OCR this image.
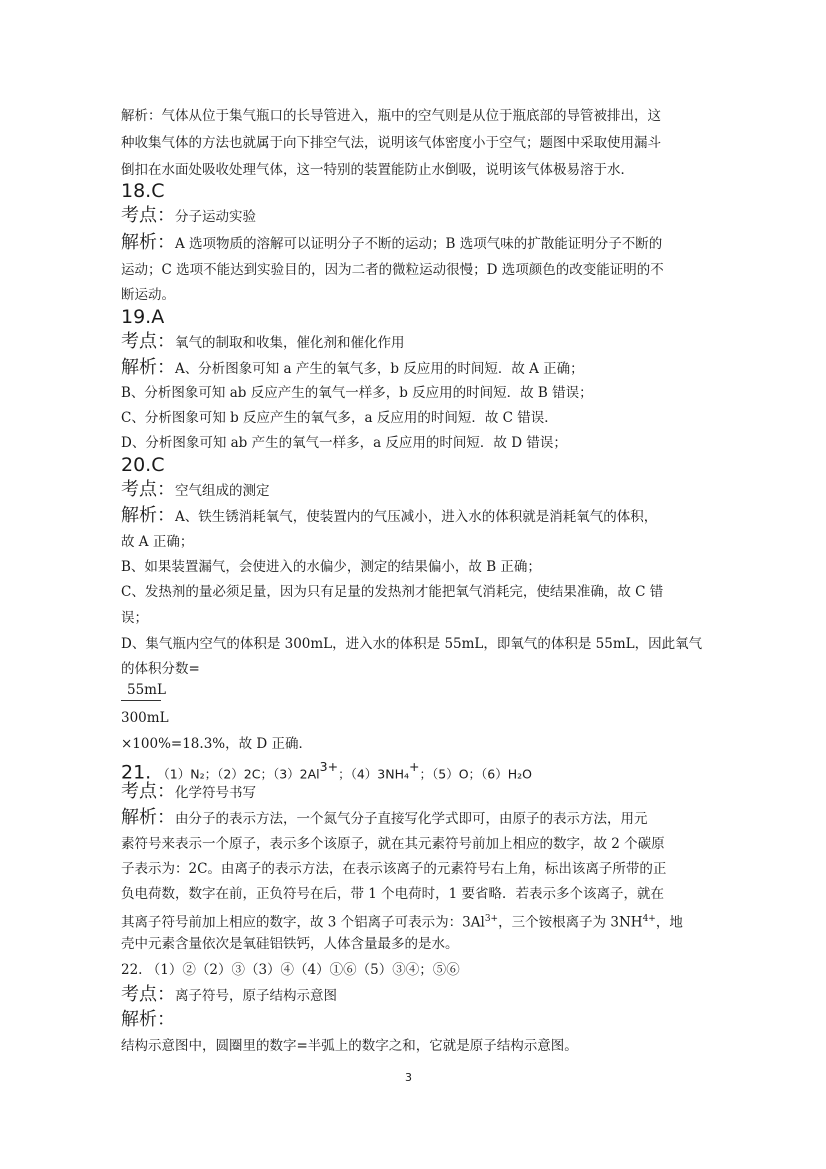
解析：气体从位于集气瓶口的长导管进入，瓶中的空气则是从位于瓶底部的导管被排出，这
种收集气体的方法也就属于向下排空气法，说明该气体密度小于空气；题图中采取使用漏斗
倒扣在水面处吸收处理气体，这一特别的装置能防止水倒吸，说明该气体极易溶于水．
18.C
考点：分子运动实验
解析：A 选项物质的溶解可以证明分子不断的运动；B 选项气味的扩散能证明分子不断的
运动；C 选项不能达到实验目的，因为二者的微粒运动很慢；D 选项颜色的改变能证明的不
断运动。
19.A
考点：氧气的制取和收集，催化剂和催化作用
解析：A、分析图象可知 a 产生的氧气多，b 反应用的时间短．故 A 正确；
B、分析图象可知 ab 反应产生的氧气一样多，b 反应用的时间短．故 B 错误；
C、分析图象可知 b 反应产生的氧气多，a 反应用的时间短．故 C 错误．
D、分析图象可知 ab 产生的氧气一样多，a 反应用的时间短．故 D 错误；
20.C
考点：空气组成的测定
解析：A、铁生锈消耗氧气，使装置内的气压减小，进入水的体积就是消耗氧气的体积，
故 A 正确；
B、如果装置漏气，会使进入的水偏少，测定的结果偏小，故 B 正确；
C、发热剂的量必须足量，因为只有足量的发热剂才能把氧气消耗完，使结果准确，故 C 错
误；
D、集气瓶内空气的体积是 300mL，进入水的体积是 55mL，即氧气的体积是 55mL，因此氧气
的体积分数=
55mL
300mL
×100%=18.3%，故 D 正确．
21. （1）N₂；（2）2C；$(3)2Al^{3+}$；（4）3NH₄+；（5）O；（6）H₂O
考点：化学符号书写
解析：由分子的表示方法，一个氮气分子直接写化学式即可，由原子的表示方法，用元
素符号来表示一个原子，表示多个该原子，就在其元素符号前加上相应的数字，故 2 个碳原
子表示为：2C。由离子的表示方法，在表示该离子的元素符号右上角，标出该离子所带的正
负电荷数，数字在前，正负符号在后，带 1 个电荷时，1 要省略．若表示多个该离子，就在
其离子符号前加上相应的数字，故 3 个铝离子可表示为：$3Al^{3+}$，三个铵根离子为 $3NH^{4+}$，地
壳中元素含量依次是氧硅铝铁钙，人体含量最多的是水。
22. （1）②（2）③（3）④（4）①⑥（5）③④；⑤⑥
考点：离子符号，原子结构示意图
解析：
结构示意图中，圆圈里的数字=半弧上的数字之和，它就是原子结构示意图。
3
